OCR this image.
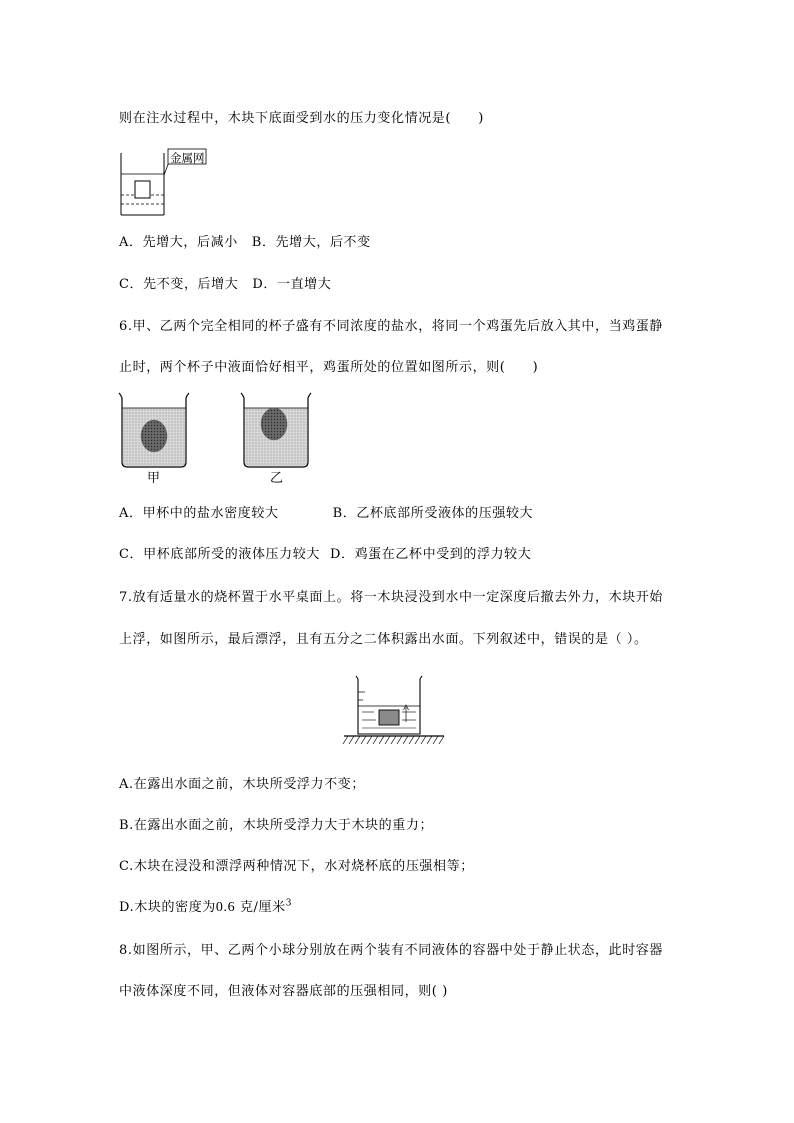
则在注水过程中，木块下底面受到水的压力变化情况是(　　)
金属网
A．先增大，后减小 B．先增大，后不变
C．先不变，后增大 D．一直增大
6.甲、乙两个完全相同的杯子盛有不同浓度的盐水，将同一个鸡蛋先后放入其中，当鸡蛋静
止时，两个杯子中液面恰好相平，鸡蛋所处的位置如图所示，则(　　)
甲	乙
A．甲杯中的盐水密度较大	B．乙杯底部所受液体的压强较大
C．甲杯底部所受的液体压力较大 D．鸡蛋在乙杯中受到的浮力较大
7.放有适量水的烧杯置于水平桌面上。将一木块浸没到水中一定深度后撤去外力，木块开始
上浮，如图所示，最后漂浮，且有五分之二体积露出水面。下列叙述中，错误的是（ ）。
A.在露出水面之前，木块所受浮力不变；
B.在露出水面之前，木块所受浮力大于木块的重力；
C.木块在浸没和漂浮两种情况下，水对烧杯底的压强相等；
D.木块的密度为0.6 克/厘米$^3$
8.如图所示，甲、乙两个小球分别放在两个装有不同液体的容器中处于静止状态，此时容器
中液体深度不同，但液体对容器底部的压强相同，则( )
